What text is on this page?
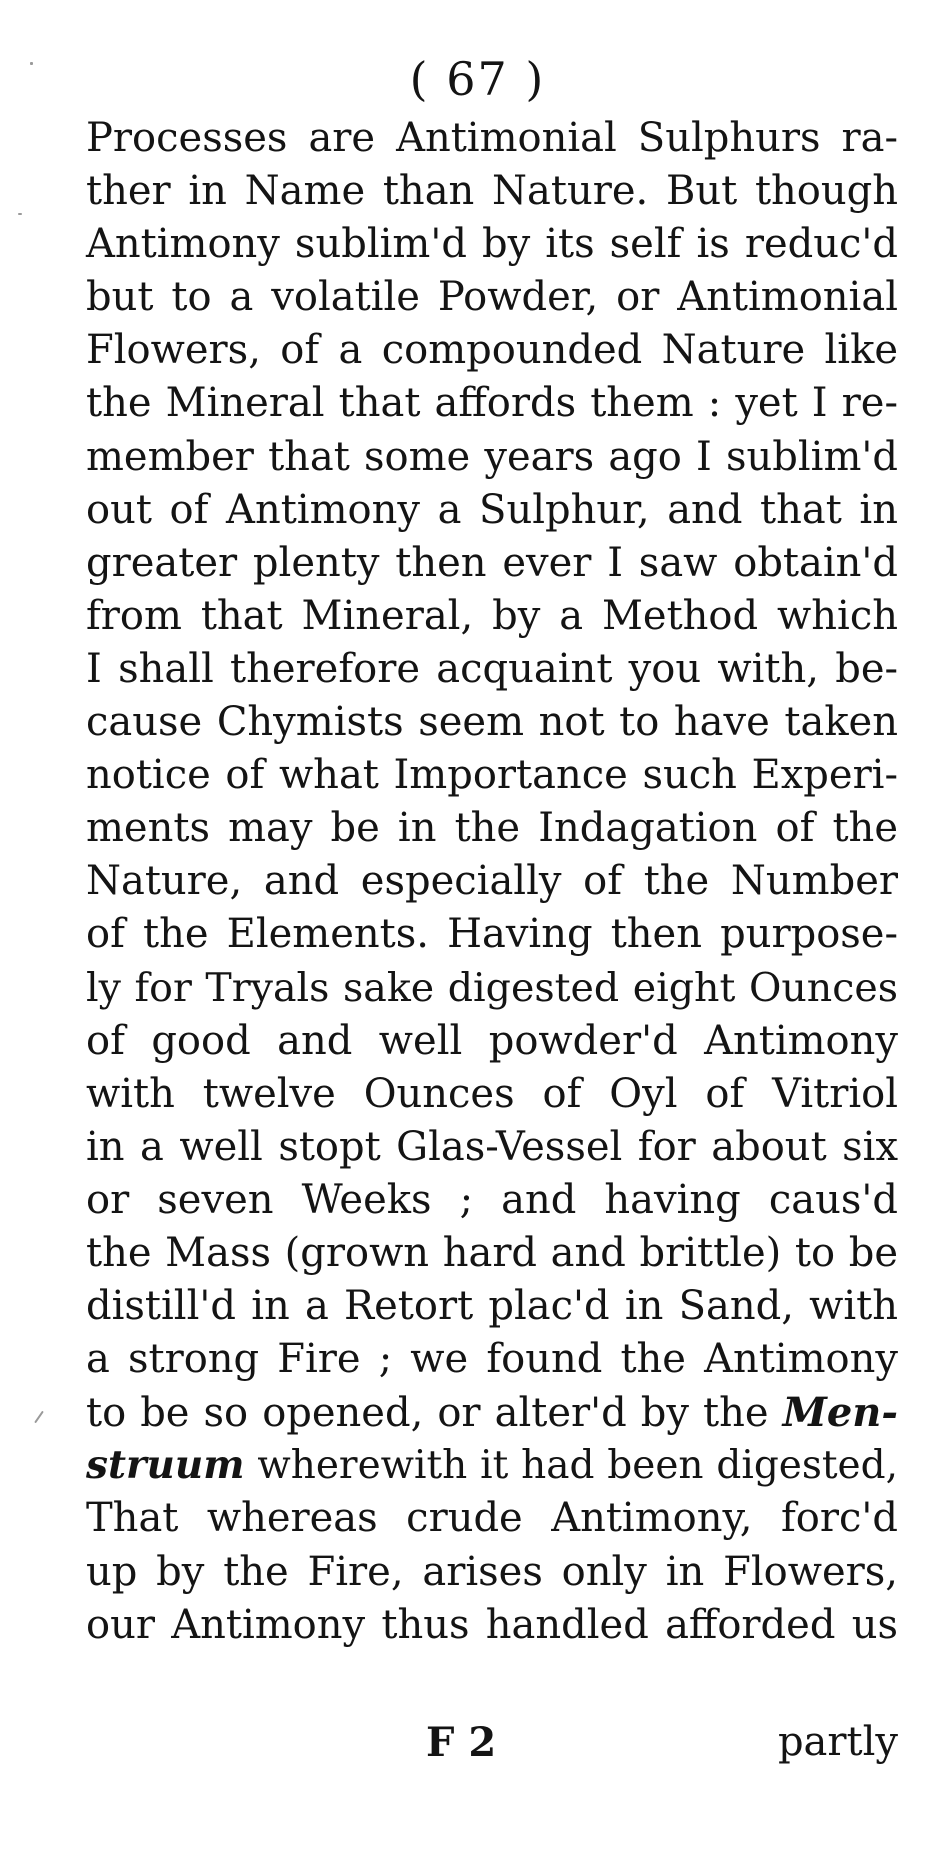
( 67 )
Processes are Antimonial Sulphurs ra-
ther in Name than Nature. But though
Antimony sublim'd by its self is reduc'd
but to a volatile Powder, or Antimonial
Flowers, of a compounded Nature like
the Mineral that affords them : yet I re-
member that some years ago I sublim'd
out of Antimony a Sulphur, and that in
greater plenty then ever I saw obtain'd
from that Mineral, by a Method which
I shall therefore acquaint you with, be-
cause Chymists seem not to have taken
notice of what Importance such Experi-
ments may be in the Indagation of the
Nature, and especially of the Number
of the Elements. Having then purpose-
ly for Tryals sake digested eight Ounces
of good and well powder'd Antimony
with twelve Ounces of Oyl of Vitriol
in a well stopt Glas-Vessel for about six
or seven Weeks ; and having caus'd
the Mass (grown hard and brittle) to be
distill'd in a Retort plac'd in Sand, with
a strong Fire ; we found the Antimony
to be so opened, or alter'd by the Men-
struum wherewith it had been digested,
That whereas crude Antimony, forc'd
up by the Fire, arises only in Flowers,
our Antimony thus handled afforded us
F 2	partly
